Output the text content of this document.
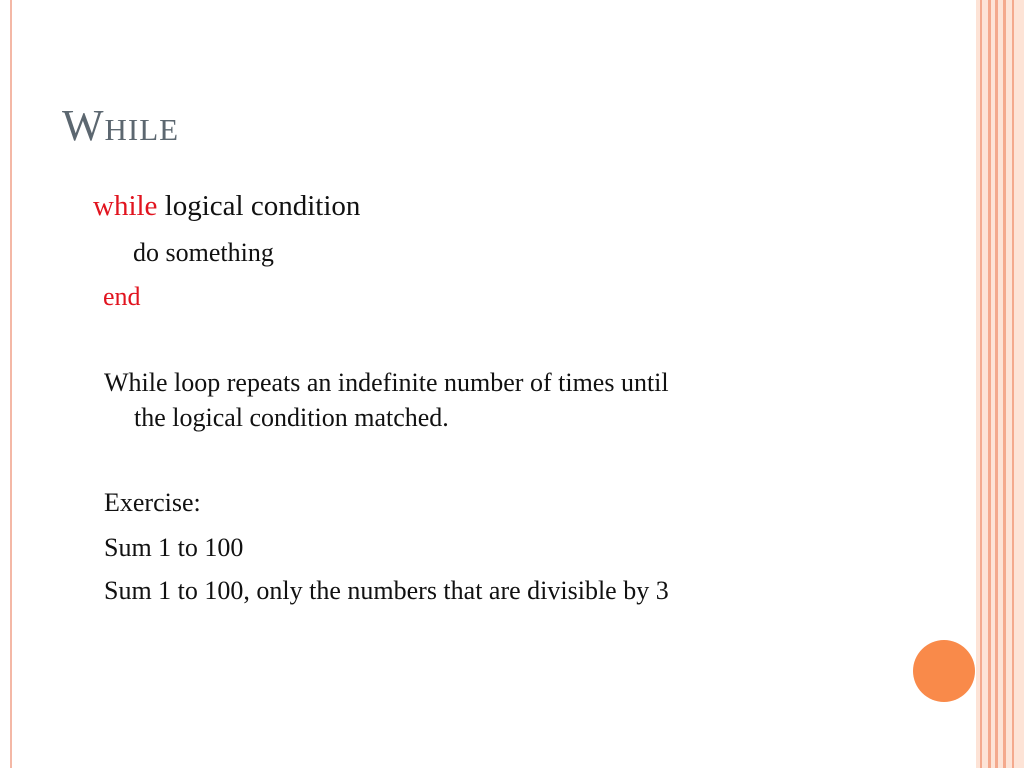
While
while logical condition
do something
end
While loop repeats an indefinite number of times until
the logical condition matched.
Exercise:
Sum 1 to 100
Sum 1 to 100, only the numbers that are divisible by 3
